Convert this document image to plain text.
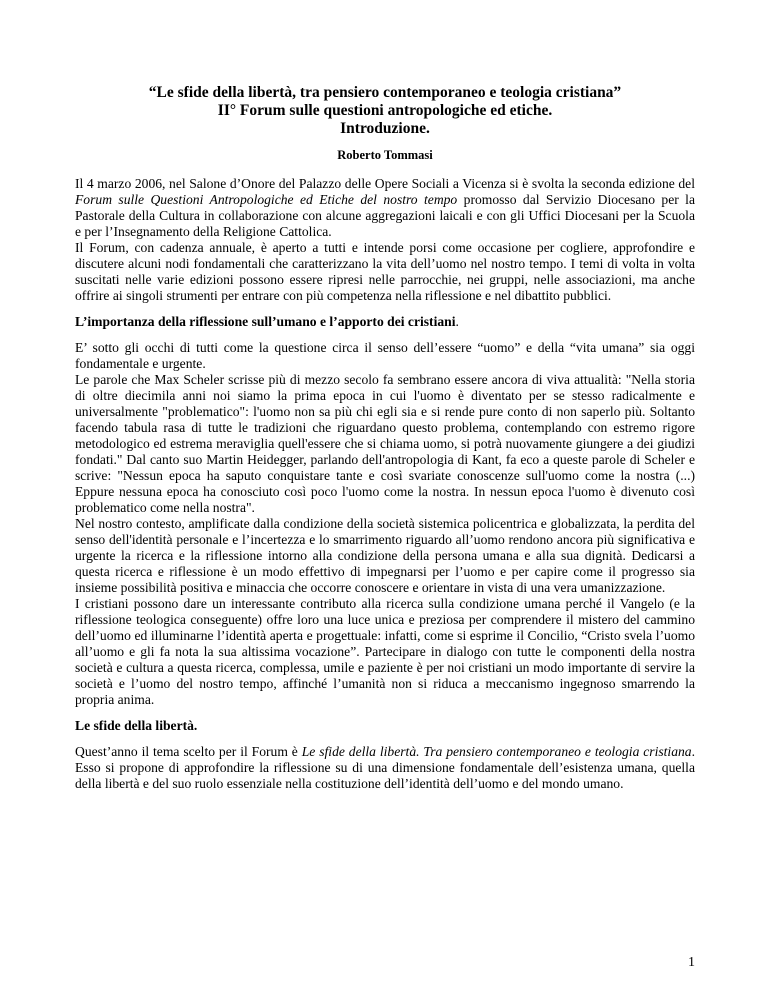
“Le sfide della libertà, tra pensiero contemporaneo e teologia cristiana”
II° Forum sulle questioni antropologiche ed etiche.
Introduzione.

Roberto Tommasi

Il 4 marzo 2006, nel Salone d’Onore del Palazzo delle Opere Sociali a Vicenza si è svolta la seconda edizione del Forum sulle Questioni Antropologiche ed Etiche del nostro tempo promosso dal Servizio Diocesano per la Pastorale della Cultura in collaborazione con alcune aggregazioni laicali e con gli Uffici Diocesani per la Scuola e per l’Insegnamento della Religione Cattolica.

Il Forum, con cadenza annuale, è aperto a tutti e intende porsi come occasione per cogliere, approfondire e discutere alcuni nodi fondamentali che caratterizzano la vita dell’uomo nel nostro tempo. I temi di volta in volta suscitati nelle varie edizioni possono essere ripresi nelle parrocchie, nei gruppi, nelle associazioni, ma anche offrire ai singoli strumenti per entrare con più competenza nella riflessione e nel dibattito pubblici.

L’importanza della riflessione sull’umano e l’apporto dei cristiani.

E’ sotto gli occhi di tutti come la questione circa il senso dell’essere “uomo” e della “vita umana” sia oggi fondamentale e urgente.

Le parole che Max Scheler scrisse più di mezzo secolo fa sembrano essere ancora di viva attualità: "Nella storia di oltre diecimila anni noi siamo la prima epoca in cui l'uomo è diventato per se stesso radicalmente e universalmente "problematico": l'uomo non sa più chi egli sia e si rende pure conto di non saperlo più. Soltanto facendo tabula rasa di tutte le tradizioni che riguardano questo problema, contemplando con estremo rigore metodologico ed estrema meraviglia quell'essere che si chiama uomo, si potrà nuovamente giungere a dei giudizi fondati." Dal canto suo Martin Heidegger, parlando dell'antropologia di Kant, fa eco a queste parole di Scheler e scrive: "Nessun epoca ha saputo conquistare tante e così svariate conoscenze sull'uomo come la nostra (...) Eppure nessuna epoca ha conosciuto così poco l'uomo come la nostra. In nessun epoca l'uomo è divenuto così problematico come nella nostra".

Nel nostro contesto, amplificate dalla condizione della società sistemica policentrica e globalizzata, la perdita del senso dell'identità personale e l’incertezza e lo smarrimento riguardo all’uomo rendono ancora più significativa e urgente la ricerca e la riflessione intorno alla condizione della persona umana e alla sua dignità. Dedicarsi a questa ricerca e riflessione è un modo effettivo di impegnarsi per l’uomo e per capire come il progresso sia insieme possibilità positiva e minaccia che occorre conoscere e orientare in vista di una vera umanizzazione.

I cristiani possono dare un interessante contributo alla ricerca sulla condizione umana perché il Vangelo (e la riflessione teologica conseguente) offre loro una luce unica e preziosa per comprendere il mistero del cammino dell’uomo ed illuminarne l’identità aperta e progettuale: infatti, come si esprime il Concilio, “Cristo svela l’uomo all’uomo e gli fa nota la sua altissima vocazione”. Partecipare in dialogo con tutte le componenti della nostra società e cultura a questa ricerca, complessa, umile e paziente è per noi cristiani un modo importante di servire la società e l’uomo del nostro tempo, affinché l’umanità non si riduca a meccanismo ingegnoso smarrendo la propria anima.

Le sfide della libertà.

Quest’anno il tema scelto per il Forum è Le sfide della libertà. Tra pensiero contemporaneo e teologia cristiana. Esso si propone di approfondire la riflessione su di una dimensione fondamentale dell’esistenza umana, quella della libertà e del suo ruolo essenziale nella costituzione dell’identità dell’uomo e del mondo umano.

1
